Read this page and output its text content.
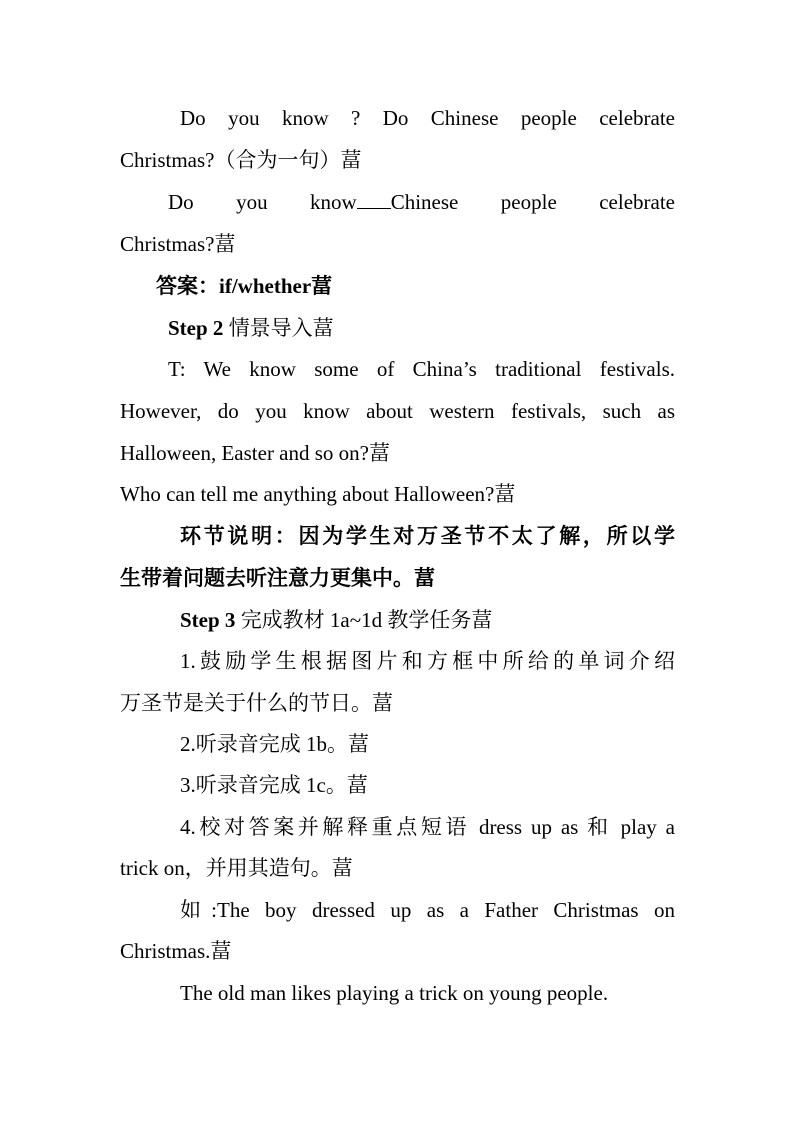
Do you know ? Do Chinese people celebrate
Christmas?（合为一句）葍
Do you know Chinese people celebrate
Christmas?葍
答案：if/whether葍
Step 2 情景导入葍
T: We know some of China’s traditional festivals.
However, do you know about western festivals, such as
Halloween, Easter and so on?葍
Who can tell me anything about Halloween?葍
环节说明：因为学生对万圣节不太了解，所以学
生带着问题去听注意力更集中。葍
Step 3 完成教材 1a~1d 教学任务葍
1.鼓励学生根据图片和方框中所给的单词介绍
万圣节是关于什么的节日。葍
2.听录音完成 1b。葍
3.听录音完成 1c。葍
4.校对答案并解释重点短语 dress up as 和 play a
trick on，并用其造句。葍
如:The boy dressed up as a Father Christmas on
Christmas.葍
The old man likes playing a trick on young people.
